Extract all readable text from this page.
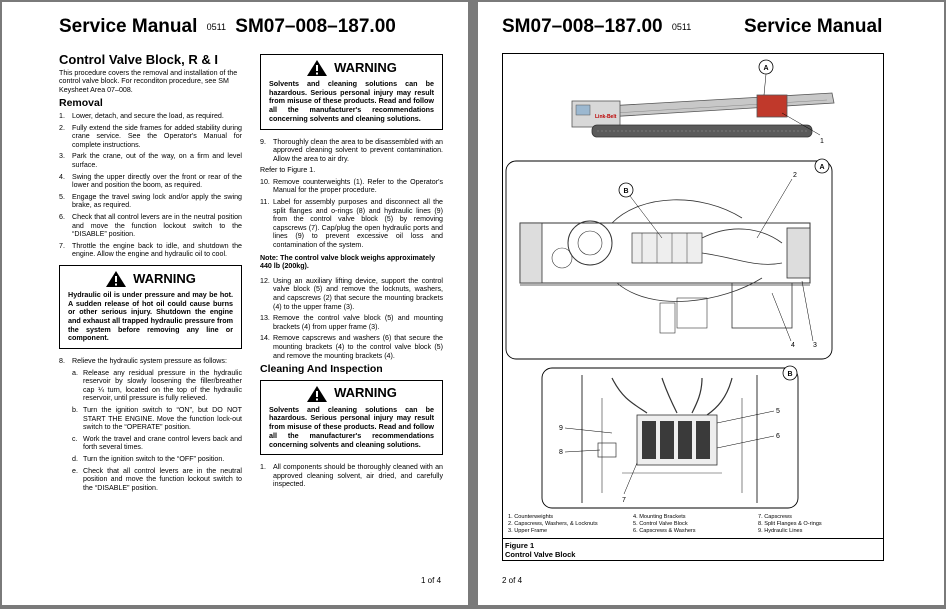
Service Manual 0511 SM07–008–187.00
Control Valve Block, R & I
This procedure covers the removal and installation of the control valve block. For reconditon procedure, see SM Keysheet Area 07–008.
Removal
1. Lower, detach, and secure the load, as required.
2. Fully extend the side frames for added stability during crane service. See the Operator's Manual for complete instructions.
3. Park the crane, out of the way, on a firm and level surface.
4. Swing the upper directly over the front or rear of the lower and position the boom, as required.
5. Engage the travel swing lock and/or apply the swing brake, as required.
6. Check that all control levers are in the neutral position and move the function lockout switch to the “DISABLE” position.
7. Throttle the engine back to idle, and shutdown the engine. Allow the engine and hydraulic oil to cool.
WARNING
Hydraulic oil is under pressure and may be hot. A sudden release of hot oil could cause burns or other serious injury. Shutdown the engine and exhaust all trapped hydraulic pressure from the system before removing any line or component.
8. Relieve the hydraulic system pressure as follows:
a. Release any residual pressure in the hydraulic reservoir by slowly loosening the filler/breather cap ¼ turn, located on the top of the hydraulic reservoir, until pressure is fully relieved.
b. Turn the ignition switch to “ON”, but DO NOT START THE ENGINE. Move the function lock-out switch to the “OPERATE” position.
c. Work the travel and crane control levers back and forth several times.
d. Turn the ignition switch to the “OFF” position.
e. Check that all control levers are in the neutral position and move the function lockout switch to the “DISABLE” position.
WARNING
Solvents and cleaning solutions can be hazardous. Serious personal injury may result from misuse of these products. Read and follow all the manufacturer's recommendations concerning solvents and cleaning solutions.
9. Thoroughly clean the area to be disassembled with an approved cleaning solvent to prevent contamination. Allow the area to air dry.
Refer to Figure 1.
10. Remove counterweights (1). Refer to the Operator's Manual for the proper procedure.
11. Label for assembly purposes and disconnect all the split flanges and o-rings (8) and hydraulic lines (9) from the control valve block (5) by removing capscrews (7). Cap/plug the open hydraulic ports and lines (9) to prevent excessive oil loss and contamination of the system.
Note: The control valve block weighs approximately 440 lb (200kg).
12. Using an auxiliary lifting device, support the control valve block (5) and remove the locknuts, washers, and capscrews (2) that secure the mounting brackets (4) to the upper frame (3).
13. Remove the control valve block (5) and mounting brackets (4) from upper frame (3).
14. Remove capscrews and washers (6) that secure the mounting brackets (4) to the control valve block (5) and remove the mounting brackets (4).
Cleaning And Inspection
WARNING
Solvents and cleaning solutions can be hazardous. Serious personal injury may result from misuse of these products. Read and follow all the manufacturer's recommendations concerning solvents and cleaning solutions.
1. All components should be thoroughly cleaned with an approved cleaning solvent, air dried, and carefully inspected.
1 of 4
SM07–008–187.00 0511	Service Manual
Link-Belt
A
1
A
B
2
4	3
B
9
8
5
6
7
1. Counterweights	4. Mounting Brackets	7. Capscrews
2. Capscrews, Washers, & Locknuts	5. Control Valve Block	8. Split Flanges & O-rings
3. Upper Frame	6. Capscrews & Washers	9. Hydraulic Lines
Figure 1
Control Valve Block
2 of 4
